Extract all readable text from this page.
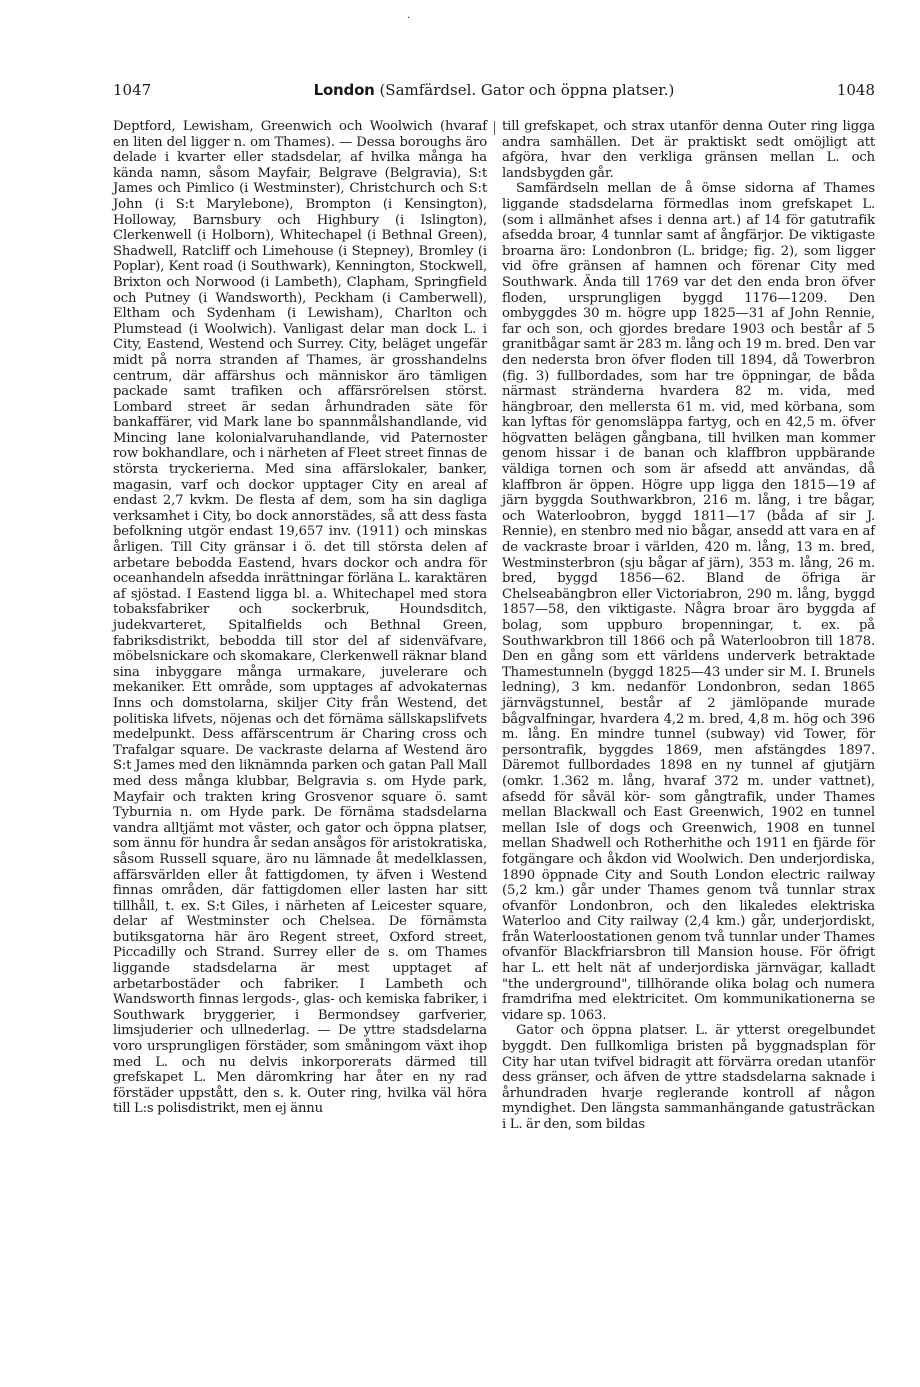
·
1047	London (Samfärdsel. Gator och öppna platser.)	1048

Deptford, Lewisham, Greenwich och Woolwich (hvaraf en liten del ligger n. om Thames). — Dessa boroughs äro delade i kvarter eller stadsdelar, af hvilka många ha kända namn, såsom Mayfair, Belgrave (Belgravia), S:t James och Pimlico (i Westminster), Christchurch och S:t John (i S:t Marylebone), Brompton (i Kensington), Holloway, Barnsbury och Highbury (i Islington), Clerkenwell (i Holborn), Whitechapel (i Bethnal Green), Shadwell, Ratcliff och Limehouse (i Stepney), Bromley (i Poplar), Kent road (i Southwark), Kennington, Stockwell, Brixton och Norwood (i Lambeth), Clapham, Springfield och Putney (i Wandsworth), Peckham (i Camberwell), Eltham och Sydenham (i Lewisham), Charlton och Plumstead (i Woolwich). Vanligast delar man dock L. i City, Eastend, Westend och Surrey. City, beläget ungefär midt på norra stranden af Thames, är grosshandelns centrum, där affärshus och människor äro tämligen packade samt trafiken och affärsrörelsen störst. Lombard street är sedan århundraden säte för bankaffärer, vid Mark lane bo spannmålshandlande, vid Mincing lane kolonialvaruhandlande, vid Paternoster row bokhandlare, och i närheten af Fleet street finnas de största tryckerierna. Med sina affärslokaler, banker, magasin, varf och dockor upptager City en areal af endast 2,7 kvkm. De flesta af dem, som ha sin dagliga verksamhet i City, bo dock annorstädes, så att dess fasta befolkning utgör endast 19,657 inv. (1911) och minskas årligen. Till City gränsar i ö. det till största delen af arbetare bebodda Eastend, hvars dockor och andra för oceanhandeln afsedda inrättningar förläna L. karaktären af sjöstad. I Eastend ligga bl. a. Whitechapel med stora tobaksfabriker och sockerbruk, Houndsditch, judekvarteret, Spitalfields och Bethnal Green, fabriksdistrikt, bebodda till stor del af sidenväfvare, möbelsnickare och skomakare, Clerkenwell räknar bland sina inbyggare många urmakare, juvelerare och mekaniker. Ett område, som upptages af advokaternas Inns och domstolarna, skiljer City från Westend, det politiska lifvets, nöjenas och det förnäma sällskapslifvets medelpunkt. Dess affärscentrum är Charing cross och Trafalgar square. De vackraste delarna af Westend äro S:t James med den liknämnda parken och gatan Pall Mall med dess många klubbar, Belgravia s. om Hyde park, Mayfair och trakten kring Grosvenor square ö. samt Tyburnia n. om Hyde park. De förnäma stadsdelarna vandra alltjämt mot väster, och gator och öppna platser, som ännu för hundra år sedan ansågos för aristokratiska, såsom Russell square, äro nu lämnade åt medelklassen, affärsvärlden eller åt fattigdomen, ty äfven i Westend finnas områden, där fattigdomen eller lasten har sitt tillhåll, t. ex. S:t Giles, i närheten af Leicester square, delar af Westminster och Chelsea. De förnämsta butiksgatorna här äro Regent street, Oxford street, Piccadilly och Strand. Surrey eller de s. om Thames liggande stadsdelarna är mest upptaget af arbetarbostäder och fabriker. I Lambeth och Wandsworth finnas lergods-, glas- och kemiska fabriker, i Southwark bryggerier, i Bermondsey garfverier, limsjuderier och ullnederlag. — De yttre stadsdelarna voro ursprungligen förstäder, som småningom växt ihop med L. och nu delvis inkorporerats därmed till grefskapet L. Men däromkring har åter en ny rad förstäder uppstått, den s. k. Outer ring, hvilka väl höra till L:s polisdistrikt, men ej ännu

till grefskapet, och strax utanför denna Outer ring ligga andra samhällen. Det är praktiskt sedt omöjligt att afgöra, hvar den verkliga gränsen mellan L. och landsbygden går.

Samfärdseln mellan de å ömse sidorna af Thames liggande stadsdelarna förmedlas inom grefskapet L. (som i allmänhet afses i denna art.) af 14 för gatutrafik afsedda broar, 4 tunnlar samt af ångfärjor. De viktigaste broarna äro: Londonbron (L. bridge; fig. 2), som ligger vid öfre gränsen af hamnen och förenar City med Southwark. Ända till 1769 var det den enda bron öfver floden, ursprungligen byggd 1176—1209. Den ombyggdes 30 m. högre upp 1825—31 af John Rennie, far och son, och gjordes bredare 1903 och består af 5 granitbågar samt är 283 m. lång och 19 m. bred. Den var den nedersta bron öfver floden till 1894, då Towerbron (fig. 3) fullbordades, som har tre öppningar, de båda närmast stränderna hvardera 82 m. vida, med hängbroar, den mellersta 61 m. vid, med körbana, som kan lyftas för genomsläppa fartyg, och en 42,5 m. öfver högvatten belägen gångbana, till hvilken man kommer genom hissar i de banan och klaffbron uppbärande väldiga tornen och som är afsedd att användas, då klaffbron är öppen. Högre upp ligga den 1815—19 af järn byggda Southwarkbron, 216 m. lång, i tre bågar, och Waterloobron, byggd 1811—17 (båda af sir J. Rennie), en stenbro med nio bågar, ansedd att vara en af de vackraste broar i världen, 420 m. lång, 13 m. bred, Westminsterbron (sju bågar af järn), 353 m. lång, 26 m. bred, byggd 1856—62. Bland de öfriga är Chelseabängbron eller Victoriabron, 290 m. lång, byggd 1857—58, den viktigaste. Några broar äro byggda af bolag, som uppburo bropenningar, t. ex. på Southwarkbron till 1866 och på Waterloobron till 1878. Den en gång som ett världens underverk betraktade Thamestunneln (byggd 1825—43 under sir M. I. Brunels ledning), 3 km. nedanför Londonbron, sedan 1865 järnvägstunnel, består af 2 jämlöpande murade bågvalfningar, hvardera 4,2 m. bred, 4,8 m. hög och 396 m. lång. En mindre tunnel (subway) vid Tower, för persontrafik, byggdes 1869, men afstängdes 1897. Däremot fullbordades 1898 en ny tunnel af gjutjärn (omkr. 1.362 m. lång, hvaraf 372 m. under vattnet), afsedd för såväl kör- som gångtrafik, under Thames mellan Blackwall och East Greenwich, 1902 en tunnel mellan Isle of dogs och Greenwich, 1908 en tunnel mellan Shadwell och Rotherhithe och 1911 en fjärde för fotgängare och åkdon vid Woolwich. Den underjordiska, 1890 öppnade City and South London electric railway (5,2 km.) går under Thames genom två tunnlar strax ofvanför Londonbron, och den likaledes elektriska Waterloo and City railway (2,4 km.) går, underjordiskt, från Waterloostationen genom två tunnlar under Thames ofvanför Blackfriarsbron till Mansion house. För öfrigt har L. ett helt nät af underjordiska järnvägar, kalladt "the underground", tillhörande olika bolag och numera framdrifna med elektricitet. Om kommunikationerna se vidare sp. 1063.

Gator och öppna platser. L. är ytterst oregelbundet byggdt. Den fullkomliga bristen på byggnadsplan för City har utan tvifvel bidragit att förvärra oredan utanför dess gränser, och äfven de yttre stadsdelarna saknade i århundraden hvarje reglerande kontroll af någon myndighet. Den längsta sammanhängande gatusträckan i L. är den, som bildas
